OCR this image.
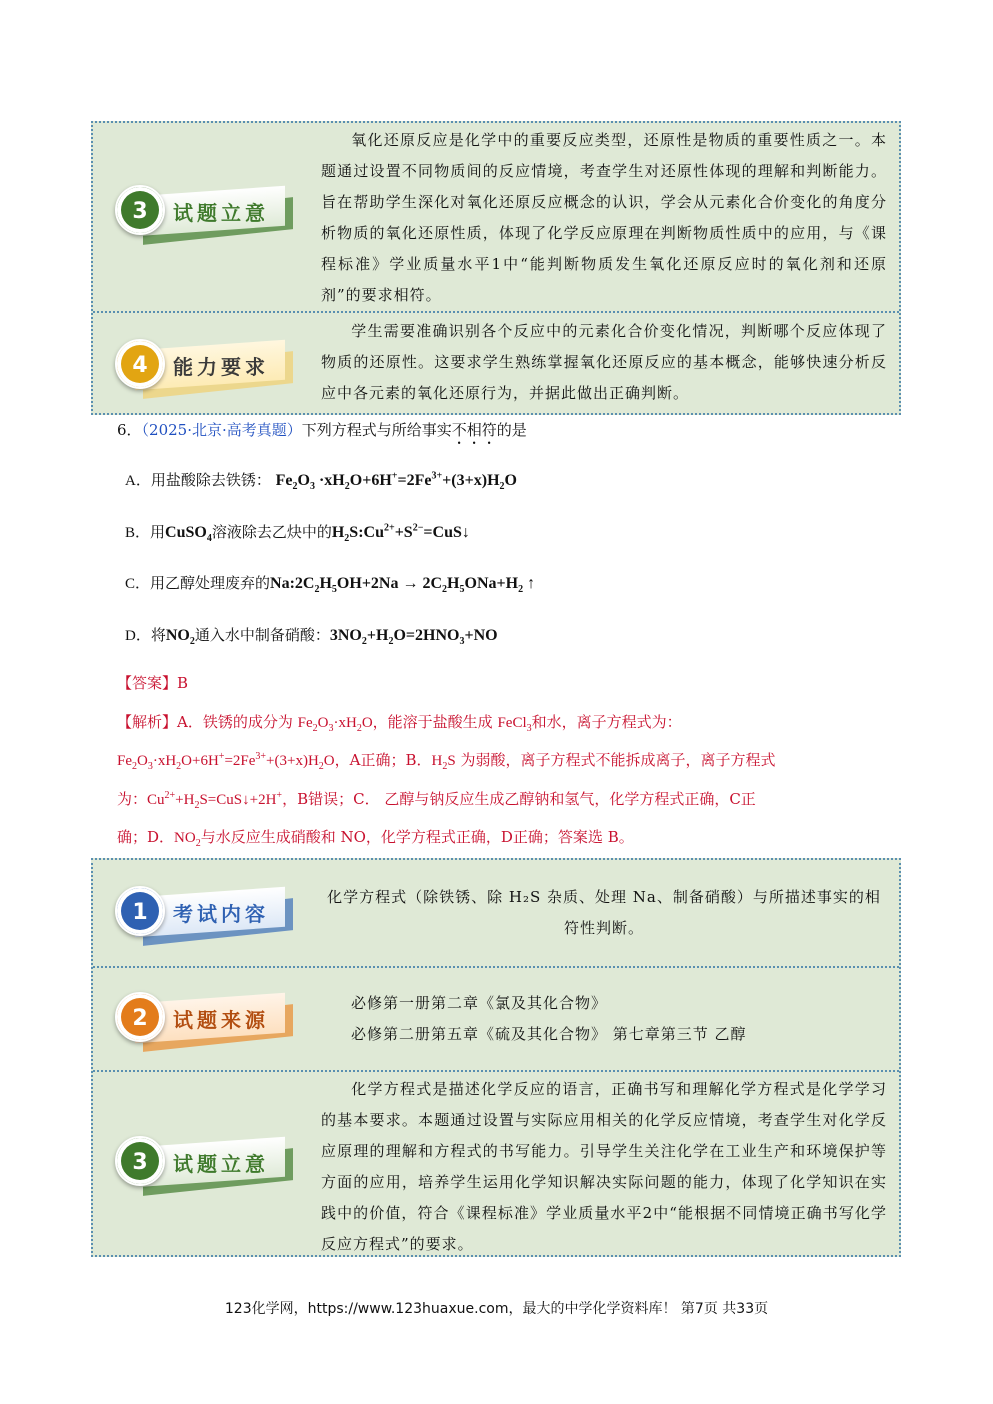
3	试题立意
氧化还原反应是化学中的重要反应类型，还原性是物质的重要性质之一。本题通过设置不同物质间的反应情境，考查学生对还原性体现的理解和判断能力。旨在帮助学生深化对氧化还原反应概念的认识，学会从元素化合价变化的角度分析物质的氧化还原性质，体现了化学反应原理在判断物质性质中的应用，与《课程标准》学业质量水平1中“能判断物质发生氧化还原反应时的氧化剂和还原剂”的要求相符。
4	能力要求
学生需要准确识别各个反应中的元素化合价变化情况，判断哪个反应体现了物质的还原性。这要求学生熟练掌握氧化还原反应的基本概念，能够快速分析反应中各元素的氧化还原行为，并据此做出正确判断。
6．（2025·北京·高考真题）下列方程式与所给事实不相符的是
A．用盐酸除去铁锈： $Fe_2O_3 \cdot xH_2O+6H^+=2Fe^{3+}+(3+x)H_2O$
B．用CuSO$_4$溶液除去乙炔中的$H_2S:Cu^{2+}+S^{2-}=CuS↓$
C．用乙醇处理废弃的$Na:2C_2H_5OH+2Na \to 2C_2H_5ONa+H_2$ ↑
D．将$NO_2$通入水中制备硝酸：$3NO_2+H_2O=2HNO_3+NO$
【答案】B
【解析】A．铁锈的成分为 $Fe_2O_3\cdot xH_2O$，能溶于盐酸生成 FeCl$_3$和水，离子方程式为：
$Fe_2O_3\cdot xH_2O+6H^+=2Fe^{3+}+(3+x)H_2O$，A正确；B．$H_2S$ 为弱酸，离子方程式不能拆成离子，离子方程式
为：$Cu^{2+}+H_2S=CuS↓+2H^+$，B错误；C． 乙醇与钠反应生成乙醇钠和氢气，化学方程式正确，C正
确；D．$NO_2$与水反应生成硝酸和 NO，化学方程式正确，D正确；答案选 B。
1	考试内容
化学方程式（除铁锈、除 H₂S 杂质、处理 Na、制备硝酸）与所描述事实的相符性判断。
2	试题来源
必修第一册第二章《氯及其化合物》
必修第二册第五章《硫及其化合物》 第七章第三节 乙醇
3	试题立意
化学方程式是描述化学反应的语言，正确书写和理解化学方程式是化学学习的基本要求。本题通过设置与实际应用相关的化学反应情境，考查学生对化学反应原理的理解和方程式的书写能力。引导学生关注化学在工业生产和环境保护等方面的应用，培养学生运用化学知识解决实际问题的能力，体现了化学知识在实践中的价值，符合《课程标准》学业质量水平2中“能根据不同情境正确书写化学反应方程式”的要求。
123化学网，https://www.123huaxue.com，最大的中学化学资料库！ 第7页 共33页
